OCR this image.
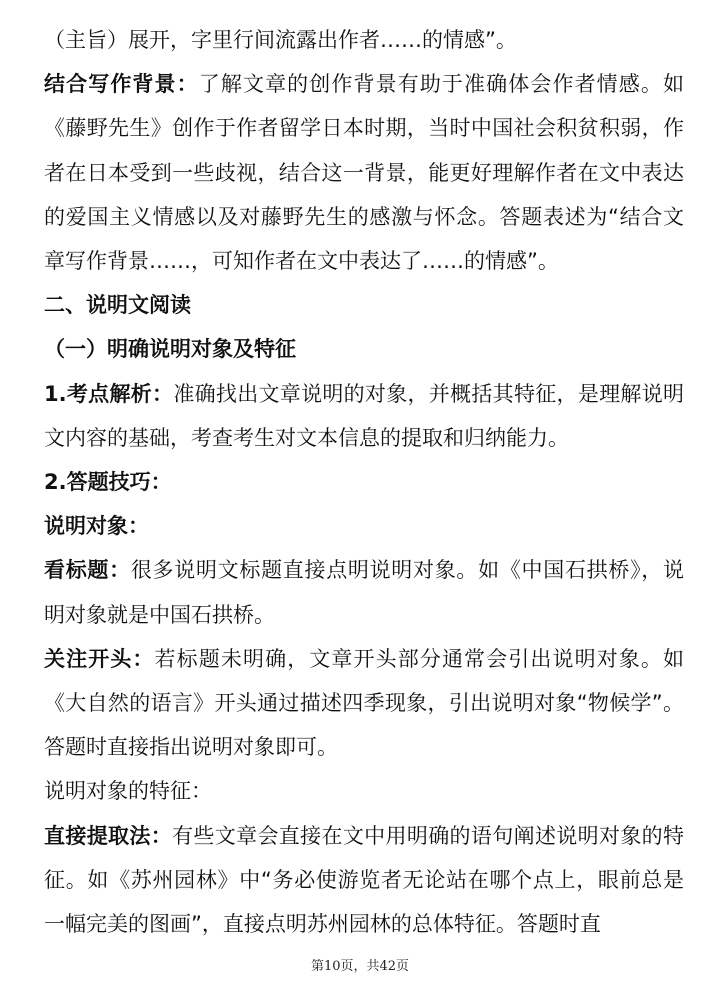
（主旨）展开，字里行间流露出作者……的情感”。

结合写作背景：了解文章的创作背景有助于准确体会作者情感。如《藤野先生》创作于作者留学日本时期，当时中国社会积贫积弱，作者在日本受到一些歧视，结合这一背景，能更好理解作者在文中表达的爱国主义情感以及对藤野先生的感激与怀念。答题表述为“结合文章写作背景……，可知作者在文中表达了……的情感”。

二、说明文阅读

（一）明确说明对象及特征

1.考点解析：准确找出文章说明的对象，并概括其特征，是理解说明文内容的基础，考查考生对文本信息的提取和归纳能力。

2.答题技巧：

说明对象：

看标题：很多说明文标题直接点明说明对象。如《中国石拱桥》，说明对象就是中国石拱桥。

关注开头：若标题未明确，文章开头部分通常会引出说明对象。如《大自然的语言》开头通过描述四季现象，引出说明对象“物候学”。答题时直接指出说明对象即可。

说明对象的特征：

直接提取法：有些文章会直接在文中用明确的语句阐述说明对象的特征。如《苏州园林》中“务必使游览者无论站在哪个点上，眼前总是一幅完美的图画”，直接点明苏州园林的总体特征。答题时直

第10页，共42页
